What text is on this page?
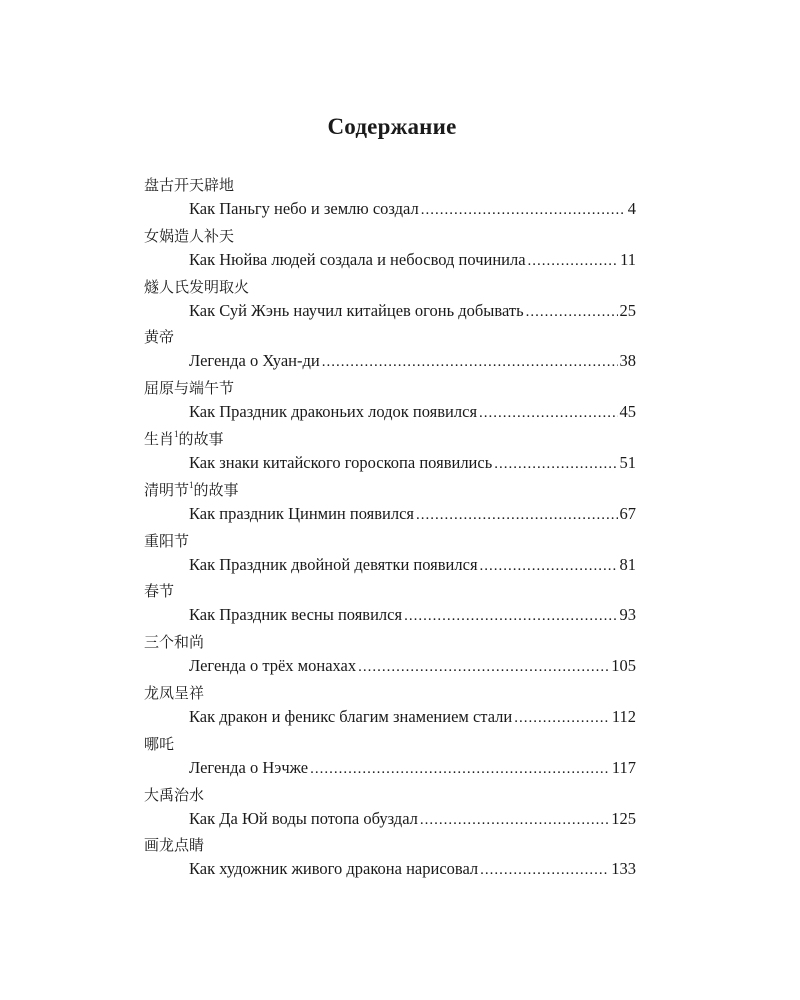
Содержание
盘古开天辟地
Как Паньгу небо и землю создал .....	4
女娲造人补天
Как Нюйва людей создала и небосвод починила .....	11
燧人氏发明取火
Как Суй Жэнь научил китайцев огонь добывать .....	25
黄帝
Легенда о Хуан-ди .....	38
屈原与端午节
Как Праздник драконьих лодок появился .....	45
生肖$^1$的故事
Как знаки китайского гороскопа появились .....	51
清明节$^1$的故事
Как праздник Цинмин появился .....	67
重阳节
Как Праздник двойной девятки появился .....	81
春节
Как Праздник весны появился .....	93
三个和尚
Легенда о трёх монахах .....	105
龙凤呈祥
Как дракон и феникс благим знамением стали .....	112
哪吒
Легенда о Нэчже .....	117
大禹治水
Как Да Юй воды потопа обуздал .....	125
画龙点睛
Как художник живого дракона нарисовал .....	133
